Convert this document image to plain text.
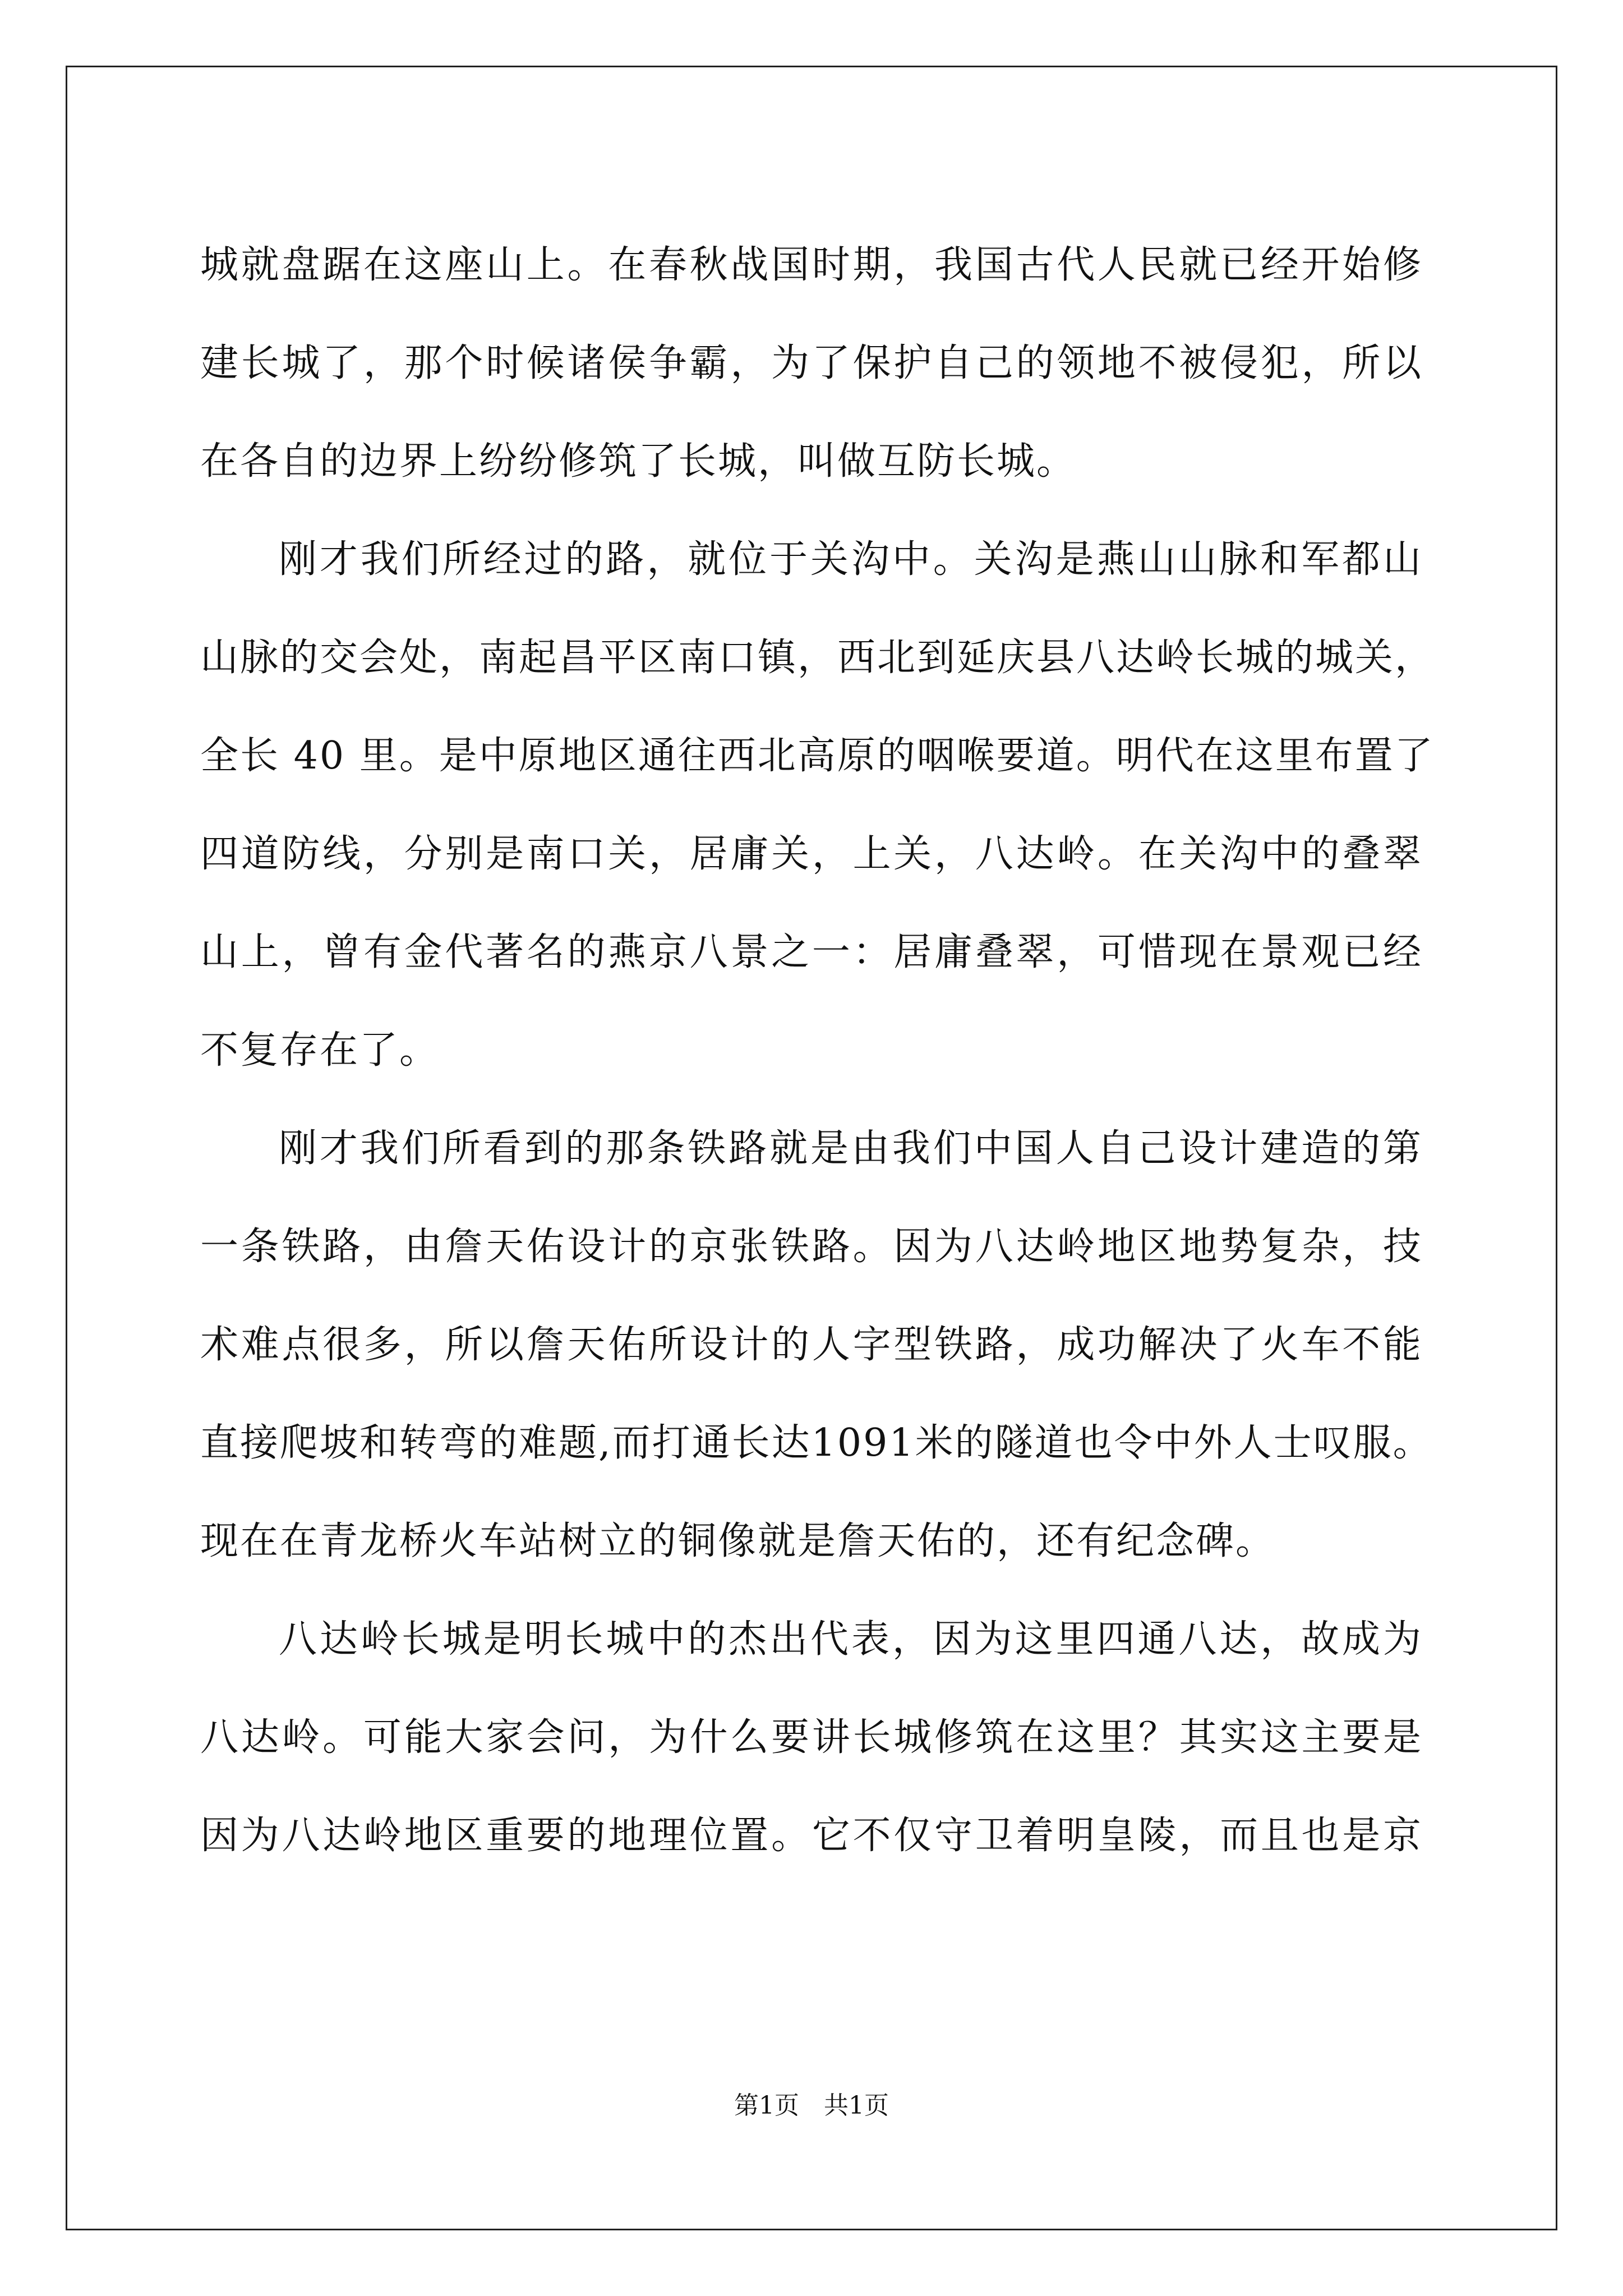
城就盘踞在这座山上。在春秋战国时期，我国古代人民就已经开始修
建长城了，那个时候诸侯争霸，为了保护自己的领地不被侵犯，所以
在各自的边界上纷纷修筑了长城，叫做互防长城。
刚才我们所经过的路，就位于关沟中。关沟是燕山山脉和军都山
山脉的交会处，南起昌平区南口镇，西北到延庆县八达岭长城的城关，
全长 40 里。是中原地区通往西北高原的咽喉要道。明代在这里布置了
四道防线，分别是南口关，居庸关，上关，八达岭。在关沟中的叠翠
山上，曾有金代著名的燕京八景之一：居庸叠翠，可惜现在景观已经
不复存在了。
刚才我们所看到的那条铁路就是由我们中国人自己设计建造的第
一条铁路，由詹天佑设计的京张铁路。因为八达岭地区地势复杂，技
术难点很多，所以詹天佑所设计的人字型铁路，成功解决了火车不能
直接爬坡和转弯的难题,而打通长达1091米的隧道也令中外人士叹服。
现在在青龙桥火车站树立的铜像就是詹天佑的，还有纪念碑。
八达岭长城是明长城中的杰出代表，因为这里四通八达，故成为
八达岭。可能大家会问，为什么要讲长城修筑在这里？其实这主要是
因为八达岭地区重要的地理位置。它不仅守卫着明皇陵，而且也是京
第1页　共1页
